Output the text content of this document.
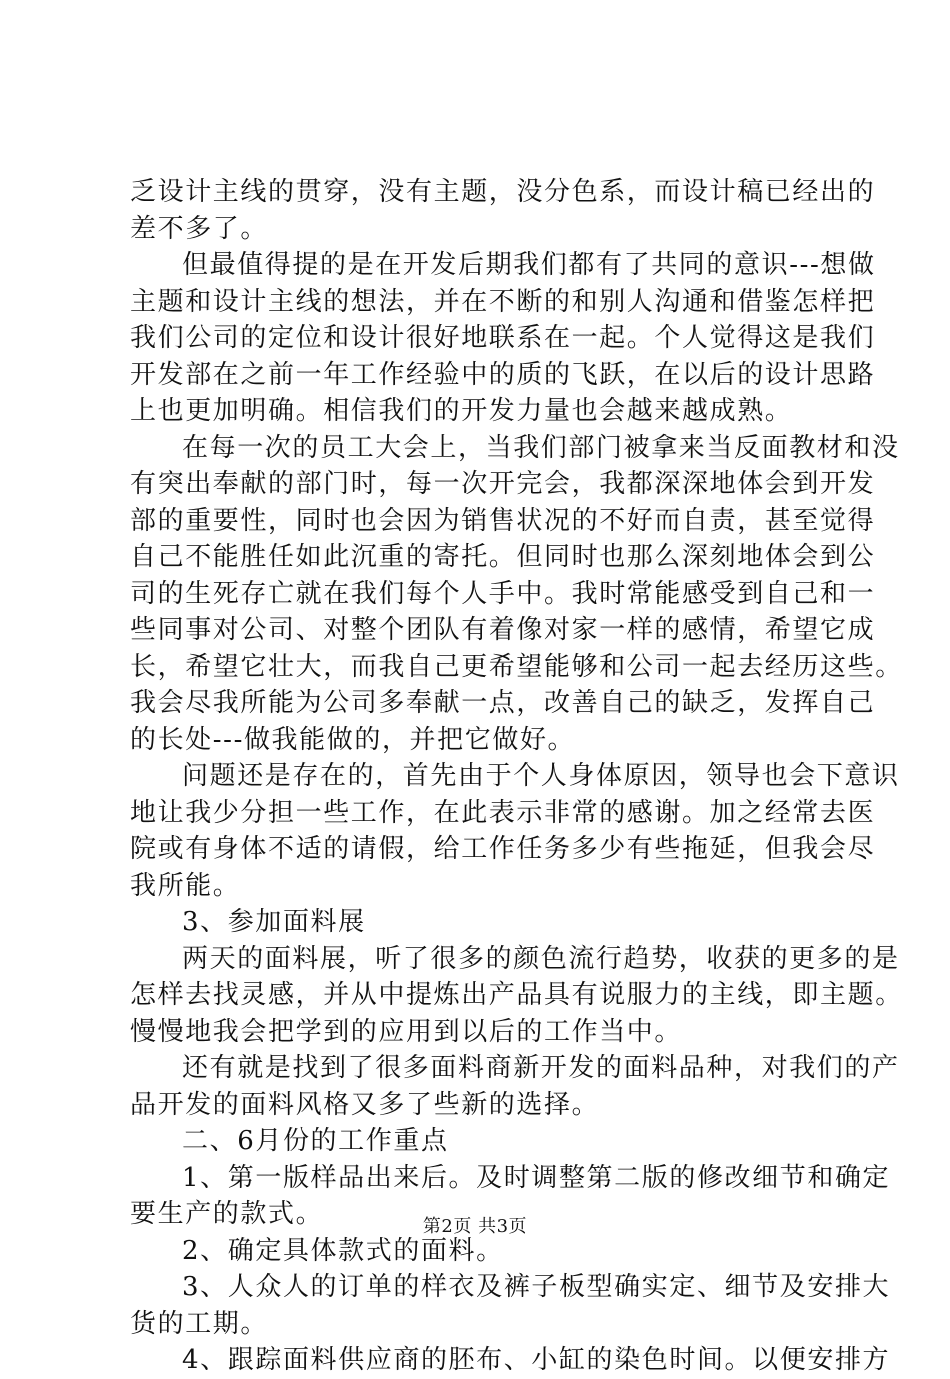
乏设计主线的贯穿，没有主题，没分色系，而设计稿已经出的

差不多了。

但最值得提的是在开发后期我们都有了共同的意识---想做

主题和设计主线的想法，并在不断的和别人沟通和借鉴怎样把

我们公司的定位和设计很好地联系在一起。个人觉得这是我们

开发部在之前一年工作经验中的质的飞跃，在以后的设计思路

上也更加明确。相信我们的开发力量也会越来越成熟。

在每一次的员工大会上，当我们部门被拿来当反面教材和没

有突出奉献的部门时，每一次开完会，我都深深地体会到开发

部的重要性，同时也会因为销售状况的不好而自责，甚至觉得

自己不能胜任如此沉重的寄托。但同时也那么深刻地体会到公

司的生死存亡就在我们每个人手中。我时常能感受到自己和一

些同事对公司、对整个团队有着像对家一样的感情，希望它成

长，希望它壮大，而我自己更希望能够和公司一起去经历这些。

我会尽我所能为公司多奉献一点，改善自己的缺乏，发挥自己

的长处---做我能做的，并把它做好。

问题还是存在的，首先由于个人身体原因，领导也会下意识

地让我少分担一些工作，在此表示非常的感谢。加之经常去医

院或有身体不适的请假，给工作任务多少有些拖延，但我会尽

我所能。

3、参加面料展

两天的面料展，听了很多的颜色流行趋势，收获的更多的是

怎样去找灵感，并从中提炼出产品具有说服力的主线，即主题。

慢慢地我会把学到的应用到以后的工作当中。

还有就是找到了很多面料商新开发的面料品种，对我们的产

品开发的面料风格又多了些新的选择。

二、6月份的工作重点

1、第一版样品出来后。及时调整第二版的修改细节和确定

要生产的款式。

2、确定具体款式的面料。

3、人众人的订单的样衣及裤子板型确实定、细节及安排大

货的工期。

4、跟踪面料供应商的胚布、小缸的染色时间。以便安排方

第2页 共3页
